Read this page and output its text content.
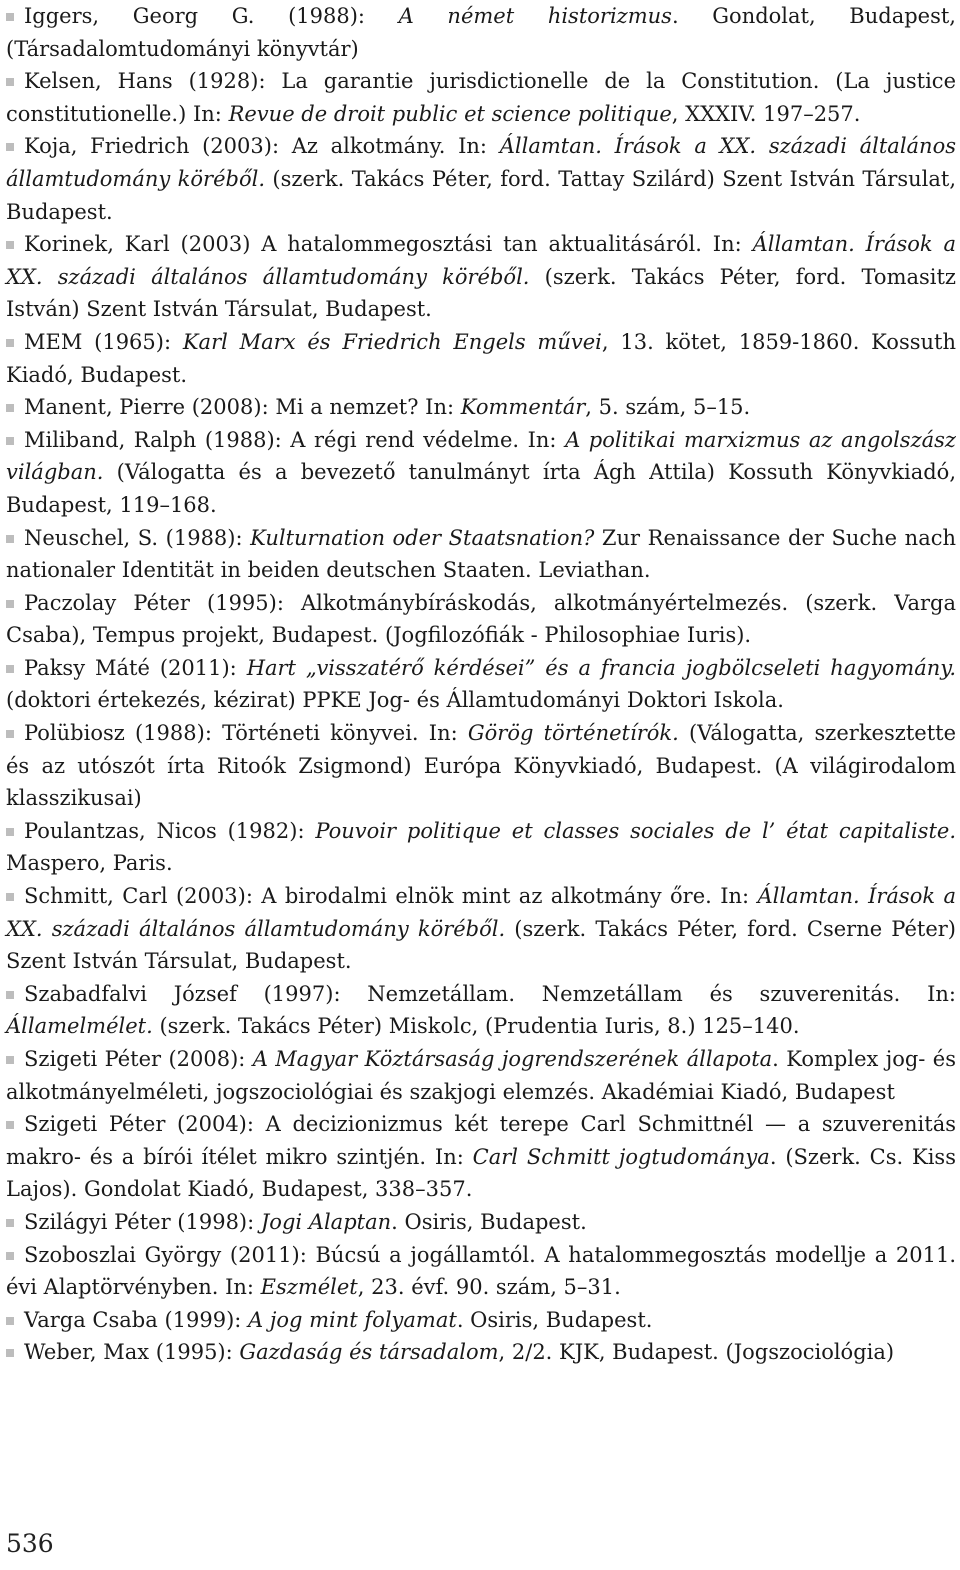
Iggers, Georg G. (1988): A német historizmus. Gondolat, Budapest, (Társadalomtudományi könyvtár)

Kelsen, Hans (1928): La garantie jurisdictionelle de la Constitution. (La justice constitutionelle.) In: Revue de droit public et science politique, XXXIV. 197–257.

Koja, Friedrich (2003): Az alkotmány. In: Államtan. Írások a XX. századi általános államtudomány köréből. (szerk. Takács Péter, ford. Tattay Szilárd) Szent István Társulat, Budapest.

Korinek, Karl (2003) A hatalommegosztási tan aktualitásáról. In: Államtan. Írások a XX. századi általános államtudomány köréből. (szerk. Takács Péter, ford. Tomasitz István) Szent István Társulat, Budapest.

MEM (1965): Karl Marx és Friedrich Engels művei, 13. kötet, 1859-1860. Kossuth Kiadó, Budapest.

Manent, Pierre (2008): Mi a nemzet? In: Kommentár, 5. szám, 5–15.

Miliband, Ralph (1988): A régi rend védelme. In: A politikai marxizmus az angolszász világban. (Válogatta és a bevezető tanulmányt írta Ágh Attila) Kossuth Könyvkiadó, Budapest, 119–168.

Neuschel, S. (1988): Kulturnation oder Staatsnation? Zur Renaissance der Suche nach nationaler Identität in beiden deutschen Staaten. Leviathan.

Paczolay Péter (1995): Alkotmánybíráskodás, alkotmányértelmezés. (szerk. Varga Csaba), Tempus projekt, Budapest. (Jogfilozófiák - Philosophiae Iuris).

Paksy Máté (2011): Hart „visszatérő kérdései” és a francia jogbölcseleti hagyomány. (doktori értekezés, kézirat) PPKE Jog- és Államtudományi Doktori Iskola.

Polübiosz (1988): Történeti könyvei. In: Görög történetírók. (Válogatta, szerkesztette és az utószót írta Ritoók Zsigmond) Európa Könyvkiadó, Budapest. (A világirodalom klasszikusai)

Poulantzas, Nicos (1982): Pouvoir politique et classes sociales de l’ état capitaliste. Maspero, Paris.

Schmitt, Carl (2003): A birodalmi elnök mint az alkotmány őre. In: Államtan. Írások a XX. századi általános államtudomány köréből. (szerk. Takács Péter, ford. Cserne Péter) Szent István Társulat, Budapest.

Szabadfalvi József (1997): Nemzetállam. Nemzetállam és szuverenitás. In: Államelmélet. (szerk. Takács Péter) Miskolc, (Prudentia Iuris, 8.) 125–140.

Szigeti Péter (2008): A Magyar Köztársaság jogrendszerének állapota. Komplex jog- és alkotmányelméleti, jogszociológiai és szakjogi elemzés. Akadémiai Kiadó, Budapest

Szigeti Péter (2004): A decizionizmus két terepe Carl Schmittnél — a szuverenitás makro- és a bírói ítélet mikro szintjén. In: Carl Schmitt jogtudománya. (Szerk. Cs. Kiss Lajos). Gondolat Kiadó, Budapest, 338–357.

Szilágyi Péter (1998): Jogi Alaptan. Osiris, Budapest.

Szoboszlai György (2011): Búcsú a jogállamtól. A hatalommegosztás modellje a 2011. évi Alaptörvényben. In: Eszmélet, 23. évf. 90. szám, 5–31.

Varga Csaba (1999): A jog mint folyamat. Osiris, Budapest.

Weber, Max (1995): Gazdaság és társadalom, 2/2. KJK, Budapest. (Jogszociológia)

536
